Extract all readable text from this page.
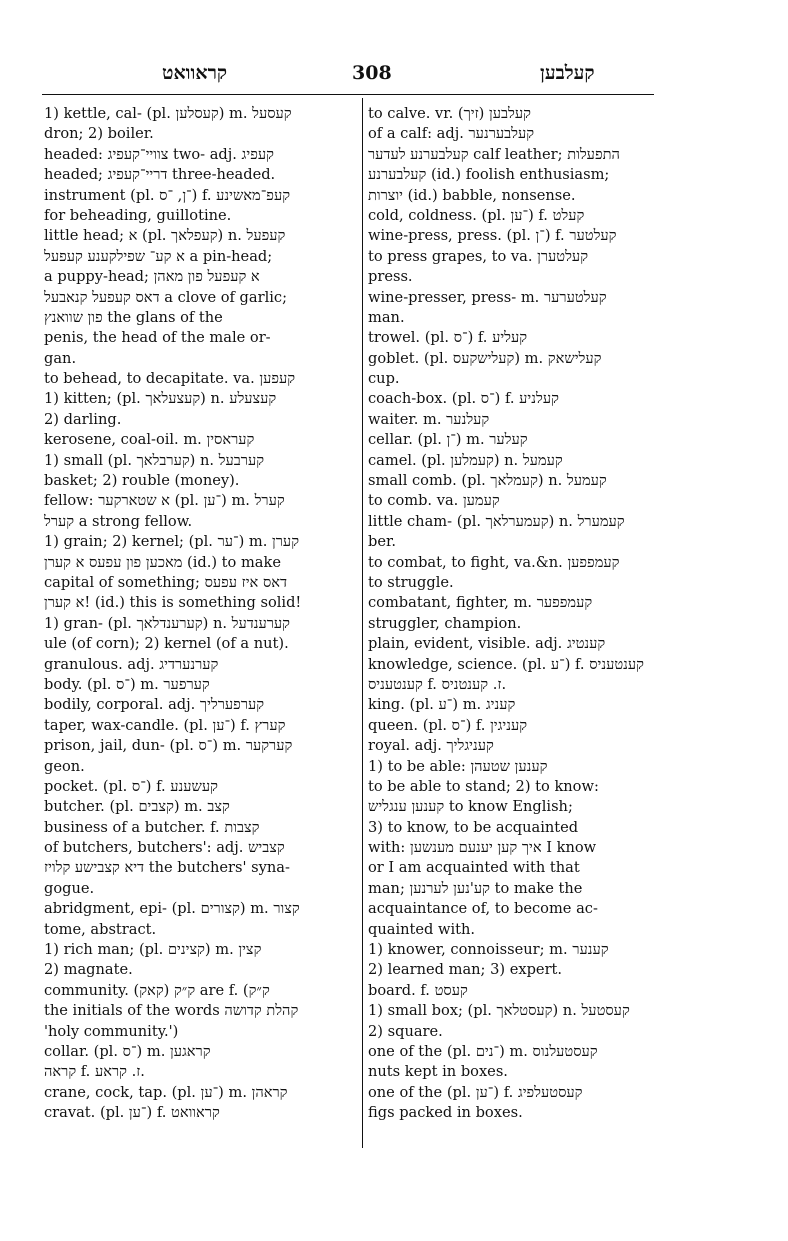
קראוואט	308	קעלבען
1) kettle, cal- (pl. קעסלען) m. קעסעל
dron; 2) boiler.
headed: צוויי־קעפיג two- adj. קעפיג
headed; דריי־קעפיג three-headed.
instrument (pl. ־ן, ־ס) f. קעפ־מאשינע
for beheading, guillotine.
little head; א (pl. קעפלאך) n. קעפעל
א קע־ שפילקענע קעפעל a pin-head;
a puppy-head; א קעפעל פון מאהן
דאס קעפעל קנאבעל a clove of garlic;
פון שוואנץ the glans of the
penis, the head of the male or-
gan.
to behead, to decapitate. va. קעפען
1) kitten; (pl. קעצעלאך) n. קעצעלע
2) darling.
kerosene, coal-oil. m. קעראסין
1) small (pl. קערבלאך) n. קערבעל
basket; 2) rouble (money).
fellow: א שטארקער (pl. ־ען) m. קערל
קערל a strong fellow.
1) grain; 2) kernel; (pl. ־ער) m. קערן
מאכען פון עפעס א קערן (id.) to make
capital of something; דאס איז עפעס
א קערן! (id.) this is something solid!
1) gran- (pl. קערענדלאך) n. קערענדעל
ule (of corn); 2) kernel (of a nut).
granulous. adj. קערנערדיג
body. (pl. ־ס) m. קערפער
bodily, corporal. adj. קערפערליך
taper, wax-candle. (pl. ־ען) f. קערץ
prison, jail, dun- (pl. ־ס) m. קערקער
geon.
pocket. (pl. ־ס) f. קעשענע
butcher. (pl. קצבים) m. קצב
business of a butcher. f. קצבות
of butchers, butchers': adj. קצביש
דיא קצבישע קלויז the butchers' syna-
gogue.
abridgment, epi- (pl. קצורים) m. קצור
tome, abstract.
1) rich man; (pl. קצינים) m. קצין
2) magnate.
community. (קאק) ק״ק are f. (ק״ק
the initials of the words קהלת קדושה
'holy community.')
collar. (pl. ־ס) m. קראגען
קראה f. ז. קראע.
crane, cock, tap. (pl. ־ען) m. קראהן
cravat. (pl. ־ען) f. קראוואט
to calve. vr. (זיך) קעלבען
of a calf: adj. קעלבערנער
קעלבערנע לעדער calf leather; התפעלות
קעלבערנע (id.) foolish enthusiasm;
יוצרות (id.) babble, nonsense.
cold, coldness. (pl. ־ען) f. קעלט
wine-press, press. (pl. ־ן) f. קעלטער
to press grapes, to va. קעלטערן
press.
wine-presser, press- m. קעלטערער
man.
trowel. (pl. ־ס) f. קעליע
goblet. (pl. קעלישקעס) m. קעלישאק
cup.
coach-box. (pl. ־ס) f. קעלניע
waiter. m. קעלנער
cellar. (pl. ־ן) m. קעלער
camel. (pl. קעמלען) n. קעמעל
small comb. (pl. קעמלאך) n. קעמעל
to comb. va. קעמען
little cham- (pl. קעמערלאך) n. קעמערל
ber.
to combat, to fight, va.&n. קעמפפען
to struggle.
combatant, fighter, m. קעמפפער
struggler, champion.
plain, evident, visible. adj. קענטיג
knowledge, science. (pl. ־ע) f. קענטעניס
קענטעניס f. ז. קענטניס.
king. (pl. ־ע) m. קעניג
queen. (pl. ־ס) f. קעניגין
royal. adj. קעניגליך
1) to be able: קענען שטעהן
to be able to stand; 2) to know:
קענען ענגליש to know English;
3) to know, to be acquainted
with: איך קען יענעם מענשען I know
or I am acquainted with that
man; קע'נען לערנען to make the
acquaintance of, to become ac-
quainted with.
1) knower, connoisseur; m. קענער
2) learned man; 3) expert.
board. f. קעסט
1) small box; (pl. קעסטלאך) n. קעסטעל
2) square.
one of the (pl. ־נים) m. קעסטעלנוס
nuts kept in boxes.
one of the (pl. ־ען) f. קעסטעלפיג
figs packed in boxes.
